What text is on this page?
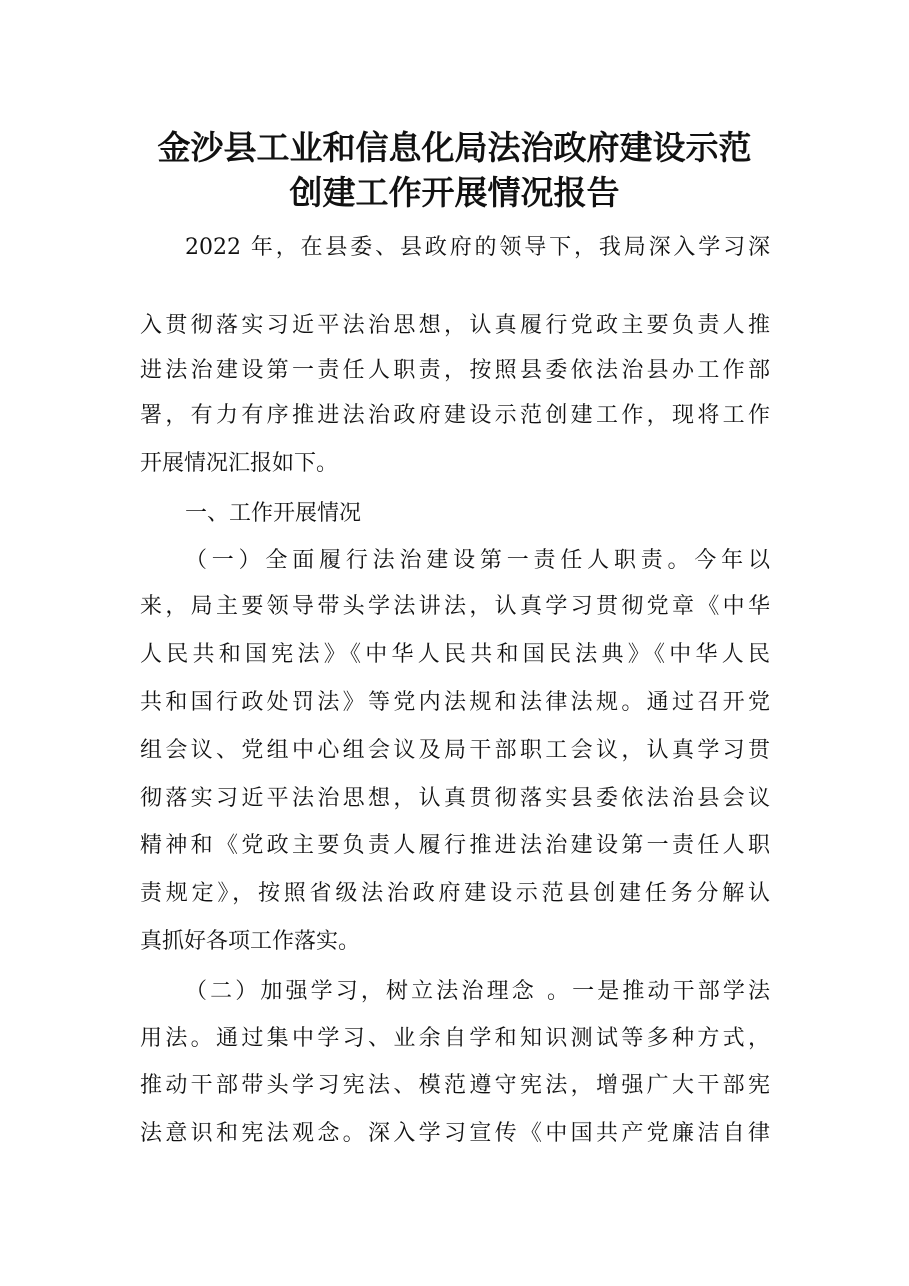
金沙县工业和信息化局法治政府建设示范
创建工作开展情况报告
2022 年，在县委、县政府的领导下，我局深入学习深
入贯彻落实习近平法治思想，认真履行党政主要负责人推
进法治建设第一责任人职责，按照县委依法治县办工作部
署，有力有序推进法治政府建设示范创建工作，现将工作
开展情况汇报如下。
一、工作开展情况
（一）全面履行法治建设第一责任人职责。今年以
来，局主要领导带头学法讲法，认真学习贯彻党章《中华
人民共和国宪法》《中华人民共和国民法典》《中华人民
共和国行政处罚法》等党内法规和法律法规。通过召开党
组会议、党组中心组会议及局干部职工会议，认真学习贯
彻落实习近平法治思想，认真贯彻落实县委依法治县会议
精神和《党政主要负责人履行推进法治建设第一责任人职
责规定》，按照省级法治政府建设示范县创建任务分解认
真抓好各项工作落实。
（二）加强学习，树立法治理念 。一是推动干部学法
用法。通过集中学习、业余自学和知识测试等多种方式，
推动干部带头学习宪法、模范遵守宪法，增强广大干部宪
法意识和宪法观念。深入学习宣传《中国共产党廉洁自律
